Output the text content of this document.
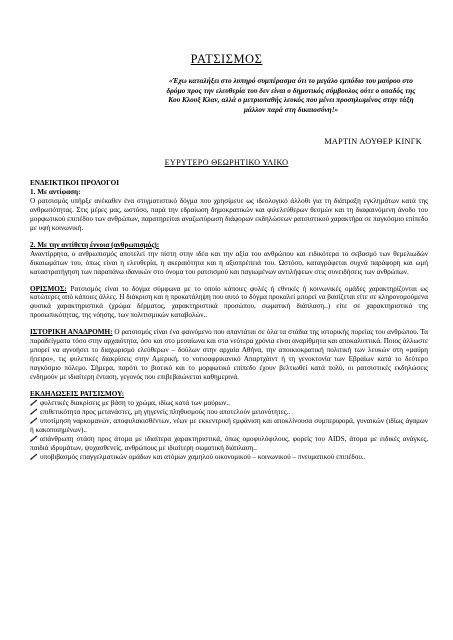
ΡΑΤΣΙΣΜΟΣ
«Έχω καταλήξει στο λυπηρό συμπέρασμα ότι το μεγάλο εμπόδιο του μαύρου στο δρόμο προς την ελευθερία του δεν είναι ο δημοτικός σύμβουλος ούτε ο οπαδός της Κου Κλουξ Κλαν, αλλά ο μετριοπαθής λευκός που μένει προσηλωμένος στην τάξη μάλλον παρά στη δικαιοσύνη!»
ΜΑΡΤΙΝ ΛΟΥΘΕΡ ΚΙΝΓΚ
ΕΥΡΥΤΕΡΟ ΘΕΩΡΗΤΙΚΟ ΥΛΙΚΟ

ΕΝΔΕΙΚΤΙΚΟΙ ΠΡΟΛΟΓΟΙ

1. Με αντίφαση:

Ο ρατσισμός υπήρξε ανέκαθεν ένα στιγματιστικό δόγμα που χρησίμευε ως ιδεολογικό άλλοθι για τη διάπραξη εγκλημάτων κατά της ανθρωπότητας. Στις μέρες μας, ωστόσο, παρά την εδραίωση δημοκρατικών και φιλελεύθερων θεσμών και τη διαφαινόμενη άνοδο του μορφωτικού επιπέδου των ανθρώπων, παρατηρείται αναζωπύρωση διάφορων εκδηλώσεων ρατσιστικού χαρακτήρα σε παγκόσμιο επίπεδο με υφή κοινωνική.

2. Με την αντίθετη έννοια (ανθρωπισμός):

Αναντίρρητα, ο ανθρωπισμός αποτελεί την πίστη στην ιδέα και την αξία του ανθρώπου και ειδικότερα το σεβασμό των θεμελιωδών δικαιωμάτων του, όπως είναι η ελευθερία, η ακεραιότητα και η αξιοπρέπειά του. Ωστόσο, καταγράφεται συχνά παράφορη και ωμή καταστρατήγηση των παραπάνω ιδανικών στο όνομα του ρατσισμού και παγιωμένων αντιλήψεων στις συνειδήσεις των ανθρώπων.

ΟΡΙΣΜΟΣ: Ρατσισμός είναι το δόγμα σύμφωνα με το οποίο κάποιες φυλές ή εθνικές ή κοινωνικές ομάδες χαρακτηρίζονται ως κατώτερες από κάποιες άλλες. Η διάκριση και η προκατάληψη που αυτό το δόγμα προκαλεί μπορεί να βασίζεται είτε σε κληρονομούμενα φυσικά χαρακτηριστικά (χρώμα δέρματος, χαρακτηριστικά προσώπου, σωματική διάπλαση..) είτε σε χαρακτηριστικά της προσωπικότητας, της νόησης, των πολιτισμικών καταβολών..

ΙΣΤΟΡΙΚΗ ΑΝΑΔΡΟΜΗ: Ο ρατσισμός είναι ένα φαινόμενο που απαντάται σε όλα τα στάδια της ιστορικής πορείας του ανθρώπου. Τα παραδείγματα τόσο στην αρχαιότητα, όσο και στο μεσαίωνα και στα νεότερα χρόνια είναι αναρίθμητα και αποκαλυπτικά. Ποιος άλλωστε μπορεί να αγνοήσει το διαχωρισμό ελεύθερων – δούλων στην αρχαία Αθήνα, την αποικιοκρατική πολιτική των λευκών στη «μαύρη ήπειρο», τις φυλετικές διακρίσεις στην Αμερική, το νοτιοαφρικανικό Απαρτχάιντ ή τη γενοκτονία των Εβραίων κατά το δεύτερο παγκόσμιο πόλεμο. Σήμερα, παρότι το βιοτικό και το μορφωτικό επίπεδο έχουν βελτιωθεί κατά πολύ, οι ρατσιστικές εκδηλώσεις ενδημούν με ιδιαίτερη ένταση, γεγονός που επιβεβαιώνεται καθημερινά.

ΕΚΔΗΛΩΣΕΙΣ ΡΑΤΣΙΣΜΟΥ:

φυλετικές διακρίσεις με βάση το χρώμα, ιδίως κατά των μαύρων..

επιθετικότητα προς μετανάστες, μη γηγενείς πληθυσμούς που αποτελούν μειονότητες..

υποτίμηση ναρκομανών, αποφυλακισθέντων, νέων με εκκεντρική εμφάνιση και αποκλίνουσα συμπεριφορά, γυναικών (ιδίως άγαμων ή κακοποιημένων)..

απάνθρωπη στάση προς άτομα με ιδιαίτερα χαρακτηριστικά, όπως ομοφυλόφιλους, φορείς του AIDS, άτομα με ειδικές ανάγκες, παιδιά ιδρυμάτων, ψυχασθενείς, ανθρώπους με ιδιαίτερη σωματική διάπλαση..

υποβιβασμός επαγγελματικών ομάδων και ατόμων χαμηλού οικονομικού – κοινωνικού – πνευματικού επιπέδου..
